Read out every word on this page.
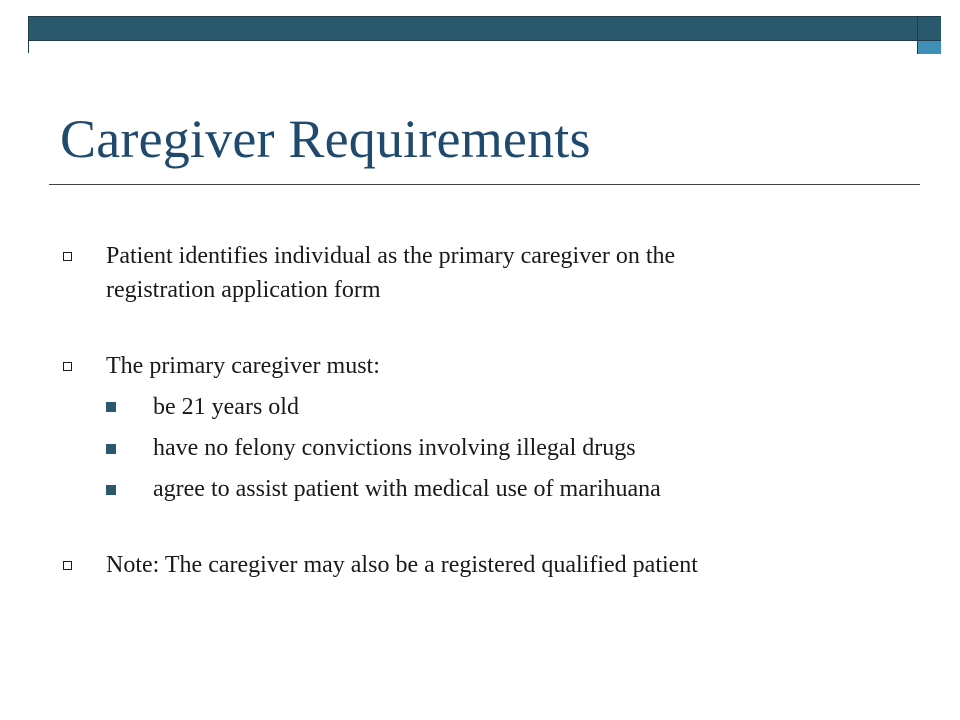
Caregiver Requirements
Patient identifies individual as the primary caregiver on the
registration application form
The primary caregiver must:
be 21 years old
have no felony convictions involving illegal drugs
agree to assist patient with medical use of marihuana
Note: The caregiver may also be a registered qualified patient
